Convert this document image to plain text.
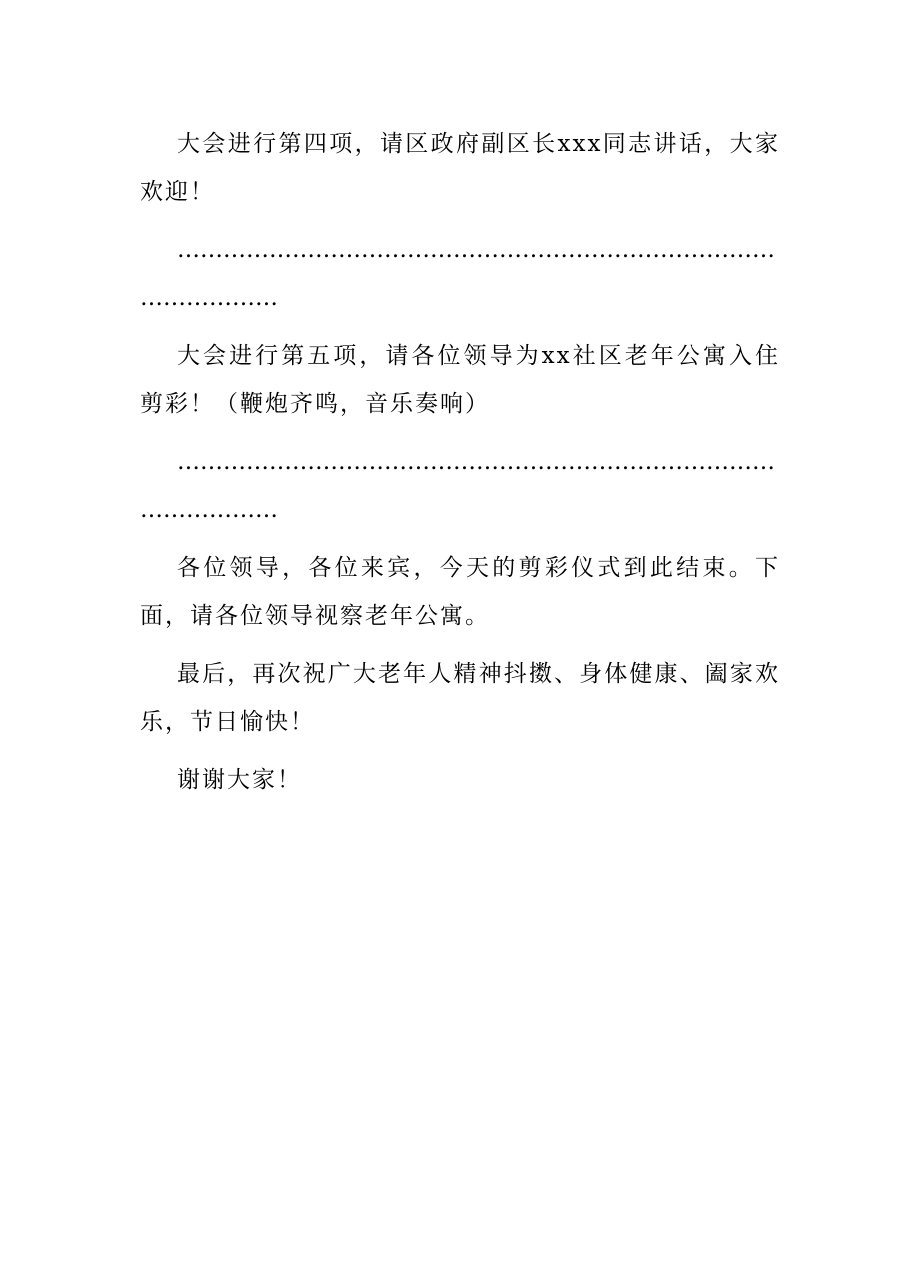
大会进行第四项，请区政府副区长xxx同志讲话，大家欢迎！

……………………………………………………………………………………

大会进行第五项，请各位领导为xx社区老年公寓入住剪彩！（鞭炮齐鸣，音乐奏响）

……………………………………………………………………………………

各位领导，各位来宾，今天的剪彩仪式到此结束。下面，请各位领导视察老年公寓。

最后，再次祝广大老年人精神抖擞、身体健康、阖家欢乐，节日愉快！

谢谢大家！
